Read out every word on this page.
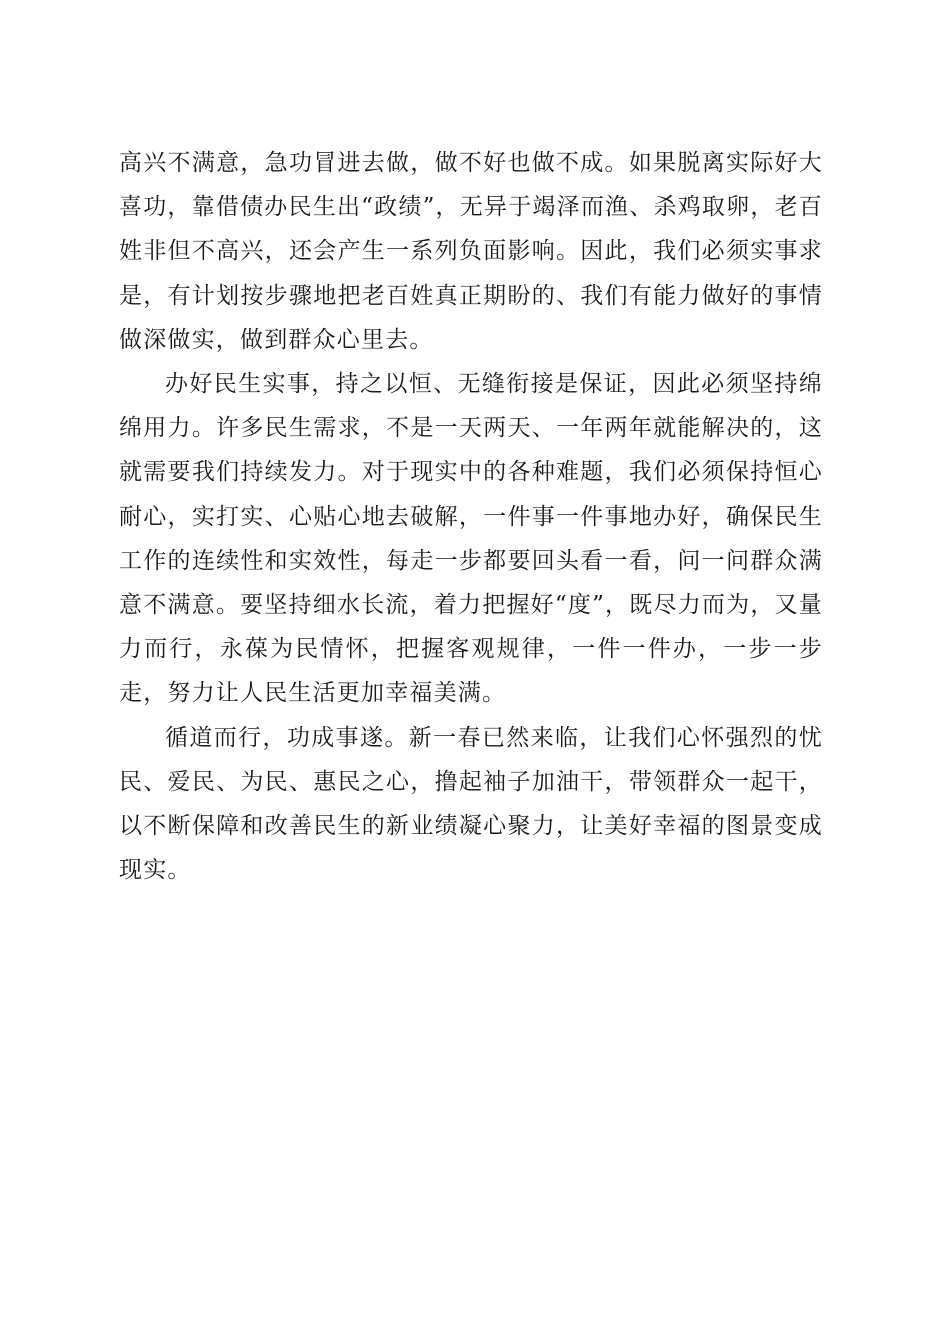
高兴不满意，急功冒进去做，做不好也做不成。如果脱离实际好大喜功，靠借债办民生出“政绩”，无异于竭泽而渔、杀鸡取卵，老百姓非但不高兴，还会产生一系列负面影响。因此，我们必须实事求是，有计划按步骤地把老百姓真正期盼的、我们有能力做好的事情做深做实，做到群众心里去。

办好民生实事，持之以恒、无缝衔接是保证，因此必须坚持绵绵用力。许多民生需求，不是一天两天、一年两年就能解决的，这就需要我们持续发力。对于现实中的各种难题，我们必须保持恒心耐心，实打实、心贴心地去破解，一件事一件事地办好，确保民生工作的连续性和实效性，每走一步都要回头看一看，问一问群众满意不满意。要坚持细水长流，着力把握好“度”，既尽力而为，又量力而行，永葆为民情怀，把握客观规律，一件一件办，一步一步走，努力让人民生活更加幸福美满。

循道而行，功成事遂。新一春已然来临，让我们心怀强烈的忧民、爱民、为民、惠民之心，撸起袖子加油干，带领群众一起干，以不断保障和改善民生的新业绩凝心聚力，让美好幸福的图景变成现实。
